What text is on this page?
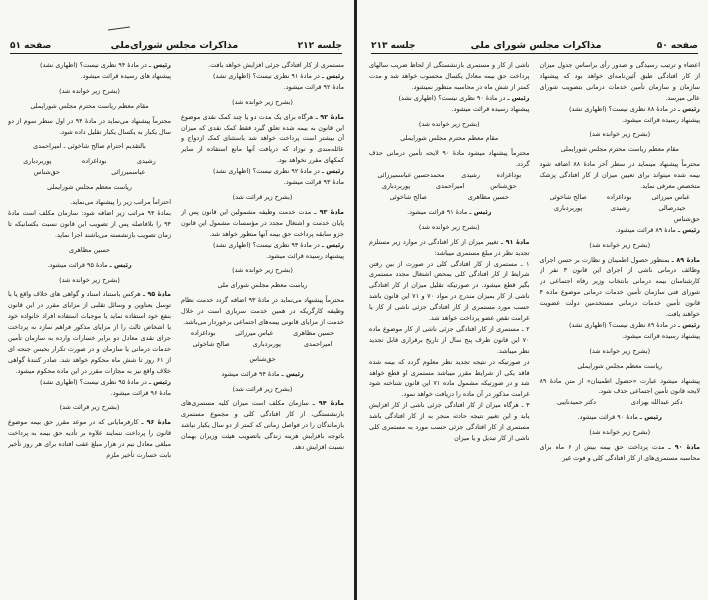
جلسه ۲۱۲
مذاکرات مجلس شورای‌ملی
صفحه ۵۱

مستمری از کار افتادگی جزئی افزایش خواهد یافت.

رئیس ـ در مادهٔ ۹۱ نظری نیست؟ (اظهاری نشد)

مادهٔ ۹۲ قرائت میشود.

(بشرح زیر خوانده شد)

مادهٔ ۹۲ ـ هرگاه برای یک مدت دو یا چند کمک نقدی موضوع این قانون به بیمه شده تعلق گیرد فقط کمک نقدی که میزان آن بیشتر است پرداخت خواهد شد باستثنای کمک ازدواج و عائله‌مندی و نوزاد که دریافت آنها مانع استفاده از سایر کمکهای مقرر نخواهد بود.

رئیس ـ در مادهٔ ۹۲ نظری نیست؟ (اظهاری نشد)

مادهٔ ۹۳ قرائت میشود.

(بشرح زیر قرائت شد)

مادهٔ ۹۳ ـ مدت خدمت وظیفه مشمولین این قانون پس از پایان خدمت و اشتغال مجدد در مؤسسات مشمول این قانون جزو سابقه پرداخت حق بیمه آنها منظور خواهد شد.

رئیس ـ در مادهٔ ۹۳ نظری نیست؟ (اظهاری نشد)

پیشنهاد رسیده قرائت میشود.

(بشرح زیر خوانده شد)

ریاست معظم مجلس شورای ملی

محترماً پیشنهاد می‌نماید در مادهٔ ۹۳ اضافه گردد خدمت نظام وظیفه کارگریکه در همین خدمت سربازی است در خلال خدمت از مزایای قانونی بیمه‌های اجتماعی برخوردار می‌باشد.

حسین مظاهری
عباس میرزائی
بوداغزاده
امیراحمدی
پوربردباری
صالح شاخوئی

حق‌شناس

رئیس ـ مادهٔ ۹۴ قرائت میشود

(بشرح زیر قرائت شد)

مادهٔ ۹۴ ـ سازمان مکلف است میزان کلیه مستمری‌های بازنشستگی، از کار افتادگی کلی و مجموع مستمری بازماندگان را در فواصل زمانی که کمتر از دو سال یکبار نباشد باتوجه بافزایش هزینه زندگی باتصویب هیئت وزیران بهمان نسبت افزایش دهد.

رئیس ـ در مادهٔ ۹۴ نظری نیست؟ (اظهاری نشد)

پیشنهاد های رسیده قرائت میشود.

(بشرح زیر خوانده شد)

مقام معظم ریاست محترم مجلس شورایملی

محترماً پیشنهاد می‌نماید در مادهٔ ۹۴ در اول سطر سوم از دو سال یکبار به یکسال یکبار تقلیل داده شود.

بالتقدیم احترام صالح شاخوئی ـ امیراحمدی

رشیدی
بوداغزاده
پوربردباری
عباسمیرزائی
حق‌شناس

ریاست معظم مجلس شورایملی

احتراماً مراتب زیر را پیشنهاد می‌نماید.

بمادهٔ ۹۴ مراتب زیر اضافه شود: سازمان مکلف است مادهٔ ۹۴ را بلافاصله پس از تصویب این قانون نسبت بکسانیکه تا زمان تصویب بازنشسته می‌باشند اجرا نماید.

حسین مظاهری

رئیس ـ مادهٔ ۹۵ قرائت میشود.

(بشرح زیر خوانده شد)

مادهٔ ۹۵ ـ هرکس باستناد اسناد و گواهی های خلاف واقع یا با توسل بعناوین و وسائل تقلبی از مزایای مقرر در این قانون بنفع خود استفاده نماید یا موجبات استفاده افراد خانواده خود یا اشخاص ثالث را از مزایای مذکور فراهم سازد به پرداخت جزای نقدی معادل دو برابر خسارات وارده به سازمان تأمین خدمات درمانی یا سازمان و در صورت تکرار بحبس جنحه ای از ۶۱ روز تا شش ماه محکوم خواهد شد. صادر کنندهٔ گواهی خلاف واقع نیز به مجازات مقرر در این ماده محکوم میشود.

رئیس ـ در مادهٔ ۹۵ نظری نیست؟ (اظهاری نشد)

مادهٔ ۹۶ قرائت میشود.

(بشرح زیر قرائت شد)

مادهٔ ۹۶ ـ کارفرمایانی که در موعد مقرر حق بیمه موضوع قانون را پرداخت ننمایند علاوه بر تأدیه حق بیمه به پرداخت مبلغی معادل نیم در هزار مبلغ عقب افتاده برای هر روز تأخیر بابت خسارت تأخیر ملزم

صفحه ۵۰
مذاکرات مجلس شورای ملی
جلسه ۲۱۳

اعضاء و ترتیب رسیدگی و صدور رأی براساس جدول میزان از کار افتادگی طبق آئین‌نامه‌ای خواهد بود که پیشنهاد سازمان و سازمان تأمین خدمات درمانی بتصویب شورای عالی میرسد.

رئیس ـ در مادهٔ ۸۸ نظری نیست؟ (اظهاری نشد)

پیشنهاد رسیده قرائت میشود.

(بشرح زیر خوانده شد)

مقام معظم ریاست محترم مجلس شورایملی

محترماً پیشنهاد مینماید در سطر آخر مادهٔ ۸۸ اضافه شود بیمه شده میتواند برای تعیین میزان از کار افتادگی پزشک متخصص معرفی نماید.

عباس میرزائی
بوداغزاده
صالح شاخوئی
حیدرصالی
رشیدی
پوربردباری

حق‌شناس

رئیس ـ مادهٔ ۸۹ قرائت میشود.

(بشرح زیر خوانده شد)

مادهٔ ۸۹ ـ بمنظور حصول اطمینان و نظارت بر حسن اجرای وظائف درمانی ناشی از اجرای این قانون ۳ نفر از کارشناسان بیمه درمانی بانتخاب وزیر رفاه اجتماعی در شورای فنی سازمان تأمین خدمات درمانی موضوع ماده ۴ قانون تأمین خدمات درمانی مستخدمین دولت عضویت خواهند یافت.

رئیس ـ در مادهٔ ۸۹ نظری نیست؟ (اظهاری نشد)

پیشنهاد رسیده قرائت میشود.

(بشرح زیر خوانده شد)

ریاست معظم مجلس شورایملی

پیشنهاد میشود عبارت «حصول اطمینان» از متن مادهٔ ۸۹ لایحه قانون تأمین اجتماعی حذف شود.

دکتر عبدالله بهزادی
دکتر حمیدنایبی

رئیس ـ مادهٔ ۹۰ قرائت میشود.

(بشرح زیر خوانده شد)

مادهٔ ۹۰ ـ مدت پرداخت حق بیمه بیش از ۶ ماه برای محاسبه مستمری‌های از کار افتادگی کلی و فوت غیر

ناشی از کار و مستمری بازنشستگی از لحاظ ضریب سالهای پرداخت حق بیمه معادل یکسال محسوب خواهد شد و مدت کمتر از شش ماه در محاسبه منظور نمیشود.

رئیس ـ در مادهٔ ۹۰ نظری نیست؟ (اظهاری نشد)

پیشنهاد رسیده قرائت میشود.

(بشرح زیر خوانده شد)

مقام معظم محترم مجلس شورایملی

محترماً پیشنهاد میشود مادهٔ ۹۰ لایحه تأمین درمانی حذف گردد.

بوداغزاده
رشیدی
محمدحسین عباسمیرزائی
حق‌شناس
امیراحمدی
پوربردباری
حسین مظاهری
صالح شاخوئی

رئیس ـ مادهٔ ۹۱ قرائت میشود.

(بشرح زیر خوانده شد)

مادهٔ ۹۱ ـ تغییر میزان از کار افتادگی در موارد زیر مستلزم تجدید نظر در مبلغ مستمری میباشد:

۱ ـ مستمری از کار افتادگی کلی در صورت از بین رفتن شرایط از کار افتادگی کلی بمحض اشتغال مجدد مستمری بگیر قطع میشود. در صورتیکه تقلیل میزان از کار افتادگی ناشی از کار بمیزان مندرج در مواد ۷۰ و ۷۱ این قانون باشد حسب مورد مستمری از کار افتادگی جزئی ناشی از کار یا غرامت نقص عضو پرداخت خواهد شد.

۲ ـ مستمری از کار افتادگی جزئی ناشی از کار موضوع ماده ۷۰ این قانون ظرف پنج سال از تاریخ برقراری قابل تجدید نظر میباشد.

در صورتیکه در نتیجه تجدید نظر معلوم گردد که بیمه شده فاقد یکی از شرایط مقرر میباشد مستمری او قطع خواهد شد و در صورتیکه مشمول ماده ۷۱ این قانون شناخته شود غرامت مذکور در آن ماده را دریافت خواهد نمود.

۳ ـ هرگاه میزان از کار افتادگی جزئی ناشی از کار افزایش یابد و این تغییر نتیجه حادثه منجر به از کار افتادگی باشد مستمری از کار افتادگی جزئی حسب مورد به مستمری کلی ناشی از کار تبدیل و یا میزان
